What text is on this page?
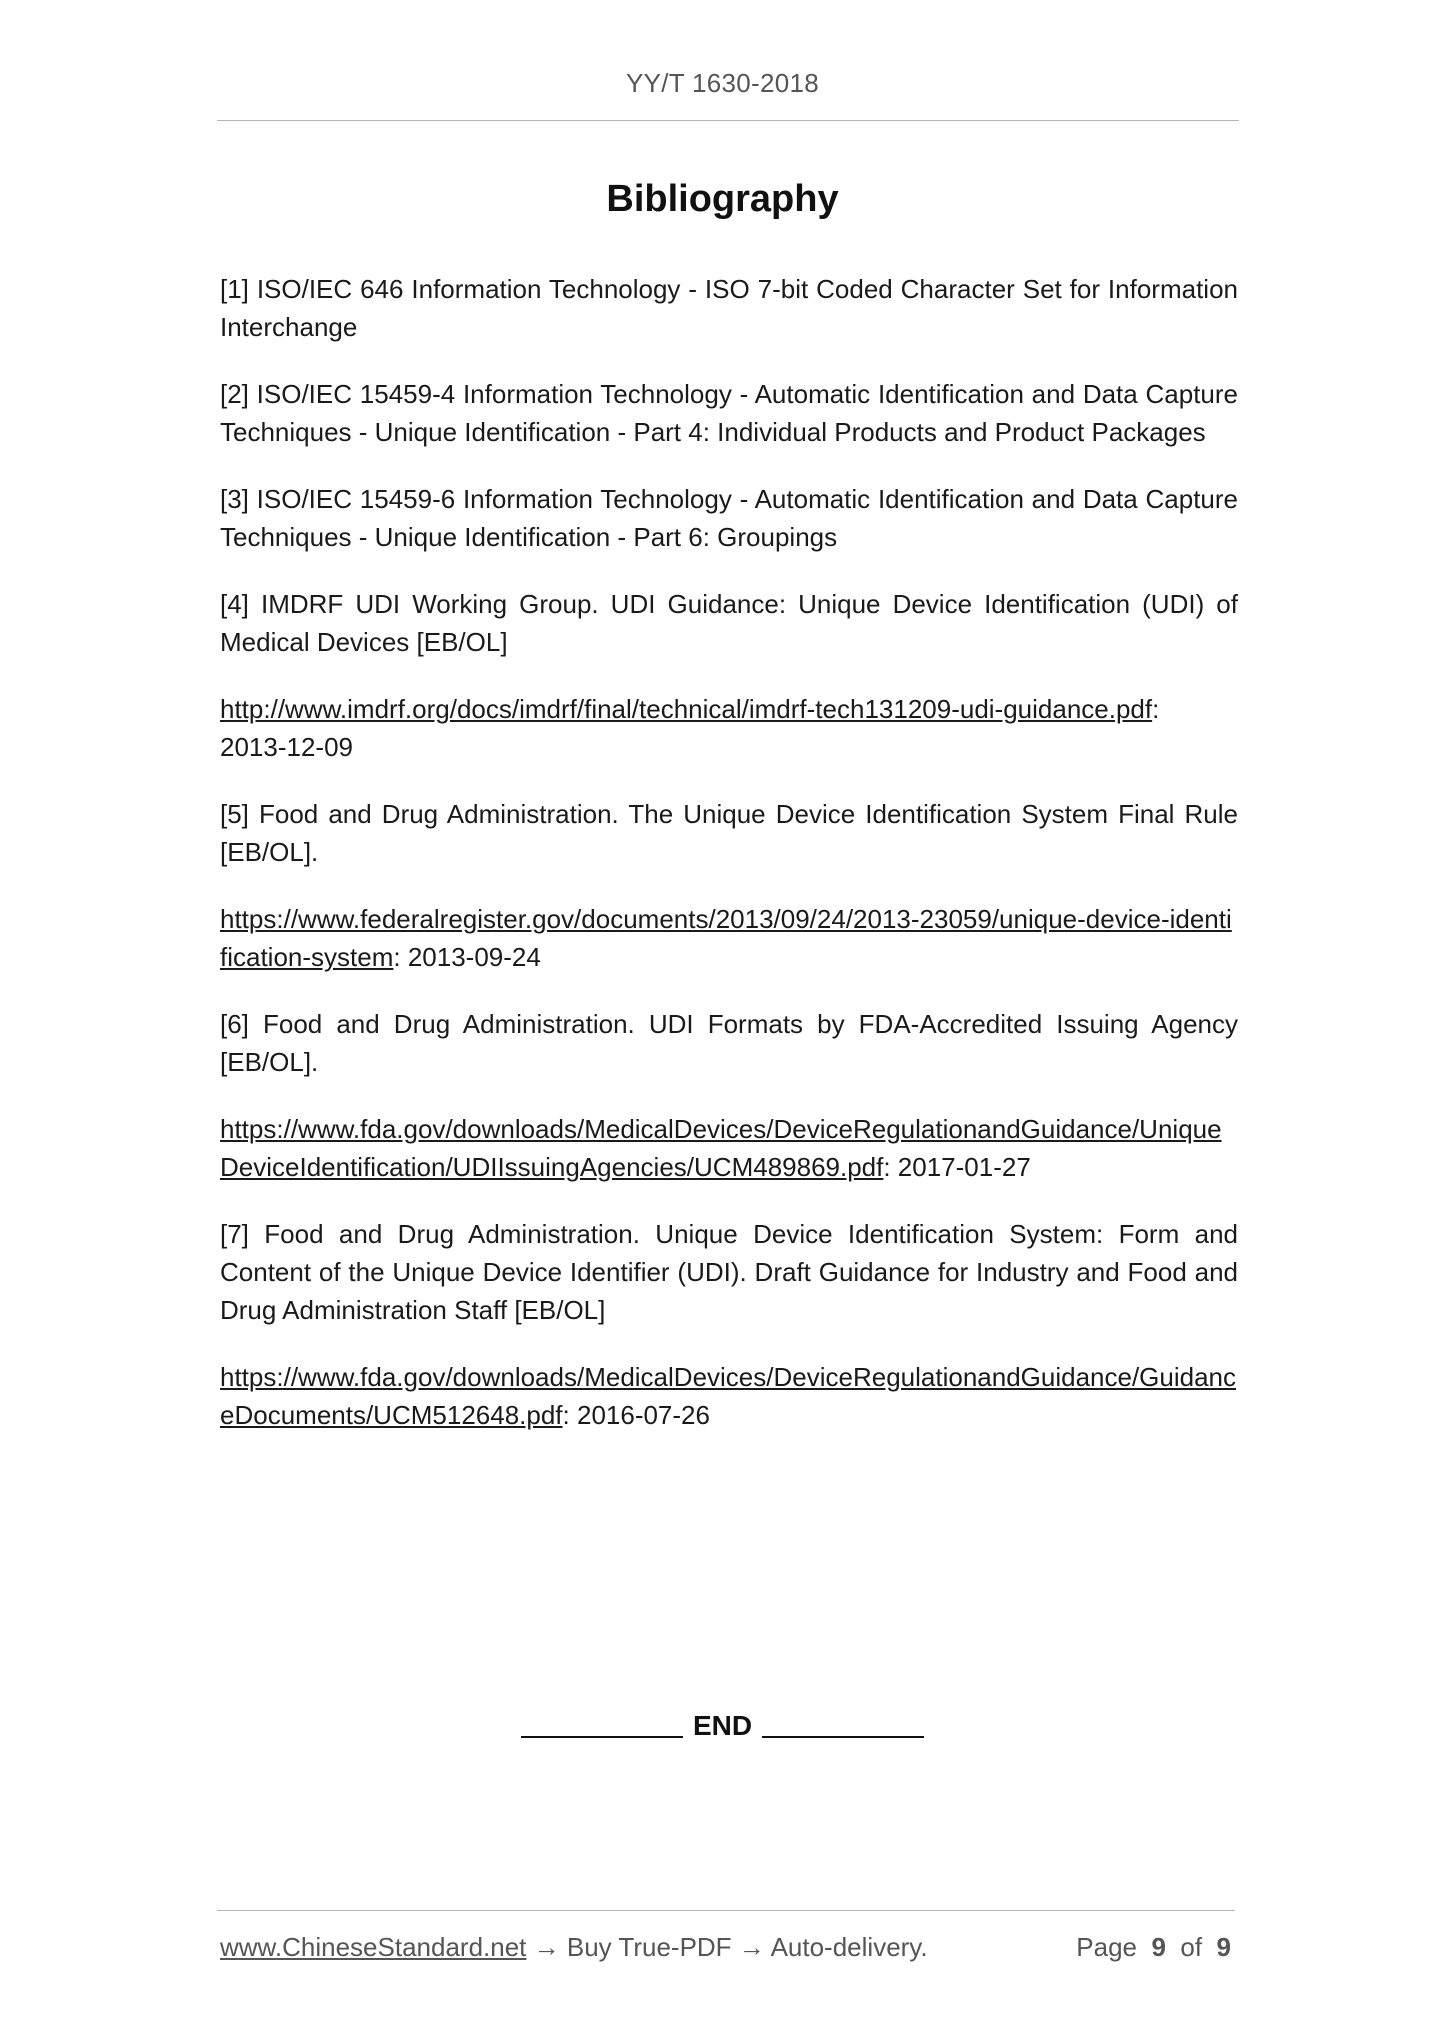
YY/T 1630-2018
Bibliography

[1] ISO/IEC 646 Information Technology - ISO 7-bit Coded Character Set for Information Interchange

[2] ISO/IEC 15459-4 Information Technology - Automatic Identification and Data Capture Techniques - Unique Identification - Part 4: Individual Products and Product Packages

[3] ISO/IEC 15459-6 Information Technology - Automatic Identification and Data Capture Techniques - Unique Identification - Part 6: Groupings

[4] IMDRF UDI Working Group. UDI Guidance: Unique Device Identification (UDI) of Medical Devices [EB/OL]

http://www.imdrf.org/docs/imdrf/final/technical/imdrf-tech131209-udi-guidance.pdf:
2013-12-09

[5] Food and Drug Administration. The Unique Device Identification System Final Rule [EB/OL].

https://www.federalregister.gov/documents/2013/09/24/2013-23059/unique-device-identification-system: 2013-09-24

[6] Food and Drug Administration. UDI Formats by FDA-Accredited Issuing Agency [EB/OL].

https://www.fda.gov/downloads/MedicalDevices/DeviceRegulationandGuidance/UniqueDeviceIdentification/UDIIssuingAgencies/UCM489869.pdf: 2017-01-27

[7] Food and Drug Administration. Unique Device Identification System: Form and Content of the Unique Device Identifier (UDI). Draft Guidance for Industry and Food and Drug Administration Staff [EB/OL]

https://www.fda.gov/downloads/MedicalDevices/DeviceRegulationandGuidance/GuidanceDocuments/UCM512648.pdf: 2016-07-26

END
www.ChineseStandard.net → Buy True-PDF → Auto-delivery.	Page 9 of 9
